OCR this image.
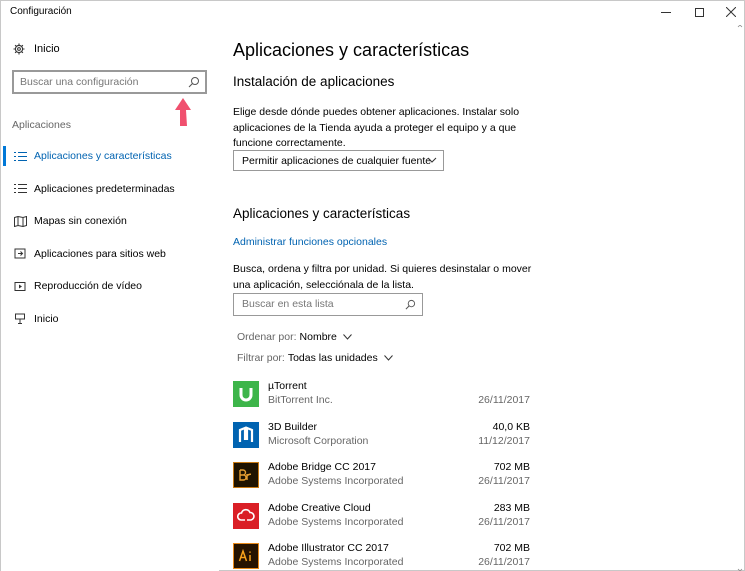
Configuración
Inicio
Buscar una configuración
Aplicaciones
Aplicaciones y características
Aplicaciones predeterminadas
Mapas sin conexión
Aplicaciones para sitios web
Reproducción de vídeo
Inicio
Aplicaciones y características
Instalación de aplicaciones
Elige desde dónde puedes obtener aplicaciones. Instalar solo aplicaciones de la Tienda ayuda a proteger el equipo y a que funcione correctamente.
Permitir aplicaciones de cualquier fuente
Aplicaciones y características
Administrar funciones opcionales
Busca, ordena y filtra por unidad. Si quieres desinstalar o mover una aplicación, selecciónala de la lista.
Buscar en esta lista
Ordenar por: Nombre
Filtrar por: Todas las unidades
µTorrent
BitTorrent Inc.	26/11/2017
3D Builder
Microsoft Corporation
40,0 KB
11/12/2017
Adobe Bridge CC 2017
Adobe Systems Incorporated
702 MB
26/11/2017
Adobe Creative Cloud
Adobe Systems Incorporated
283 MB
26/11/2017
Adobe Illustrator CC 2017
Adobe Systems Incorporated
702 MB
26/11/2017
